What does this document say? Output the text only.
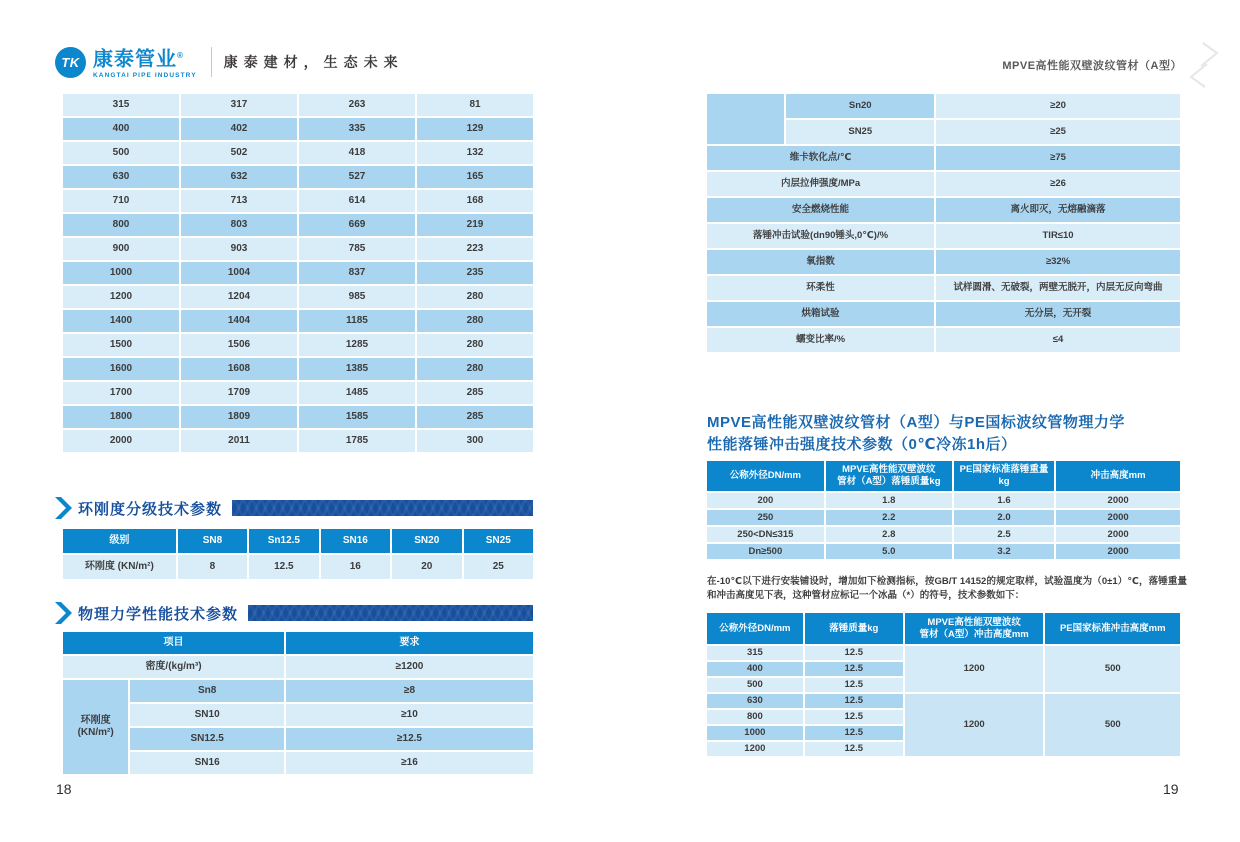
TK 康泰管业®
KANGTAI PIPE INDUSTRY
康泰建材，生态未来	MPVE高性能双壁波纹管材（A型）
315	317	263	81
400	402	335	129
500	502	418	132
630	632	527	165
710	713	614	168
800	803	669	219
900	903	785	223
1000	1004	837	235
1200	1204	985	280
1400	1404	1185	280
1500	1506	1285	280
1600	1608	1385	280
1700	1709	1485	285
1800	1809	1585	285
2000	2011	1785	300
环刚度分级技术参数
级别	SN8	Sn12.5	SN16	SN20	SN25
环刚度 (KN/m²)	8	12.5	16	20	25
物理力学性能技术参数
项目		要求
密度/(kg/m³)		≥1200

环刚度
(KN/m²)	Sn8	≥8
	SN10	≥10
	SN12.5	≥12.5
	SN16	≥16
18
	Sn20	≥20
	SN25	≥25
维卡软化点/℃		≥75
内层拉伸强度/MPa		≥26
安全燃烧性能		离火即灭，无熔融滴落
落锤冲击试验(dn90锤头,0℃)/%		TIR≤10
氧指数		≥32%
环柔性		试样圆滑、无破裂，两壁无脱开，内层无反向弯曲
烘箱试验		无分层，无开裂
蠕变比率/%		≤4
MPVE高性能双壁波纹管材（A型）与PE国标波纹管物理力学
性能落锤冲击强度技术参数（0℃冷冻1h后）
公称外径DN/mm	MPVE高性能双壁波纹
管材（A型）落锤质量kg	PE国家标准落锤重量kg	冲击高度mm
200	1.8	1.6	2000
250	2.2	2.0	2000
250<DN≤315	2.8	2.5	2000
Dn≥500	5.0	3.2	2000

在-10℃以下进行安装铺设时，增加如下检测指标，按GB/T 14152的规定取样，试验温度为（0±1）℃，落锤重量和冲击高度见下表，这种管材应标记一个冰晶（*）的符号，技术参数如下：

公称外径DN/mm	落锤质量kg	MPVE高性能双壁波纹
管材（A型）冲击高度mm	PE国家标准冲击高度mm
315	12.5	1200	500
400	12.5		
500	12.5		
630	12.5	1200	500
800	12.5		
1000	12.5		
1200	12.5		
19
